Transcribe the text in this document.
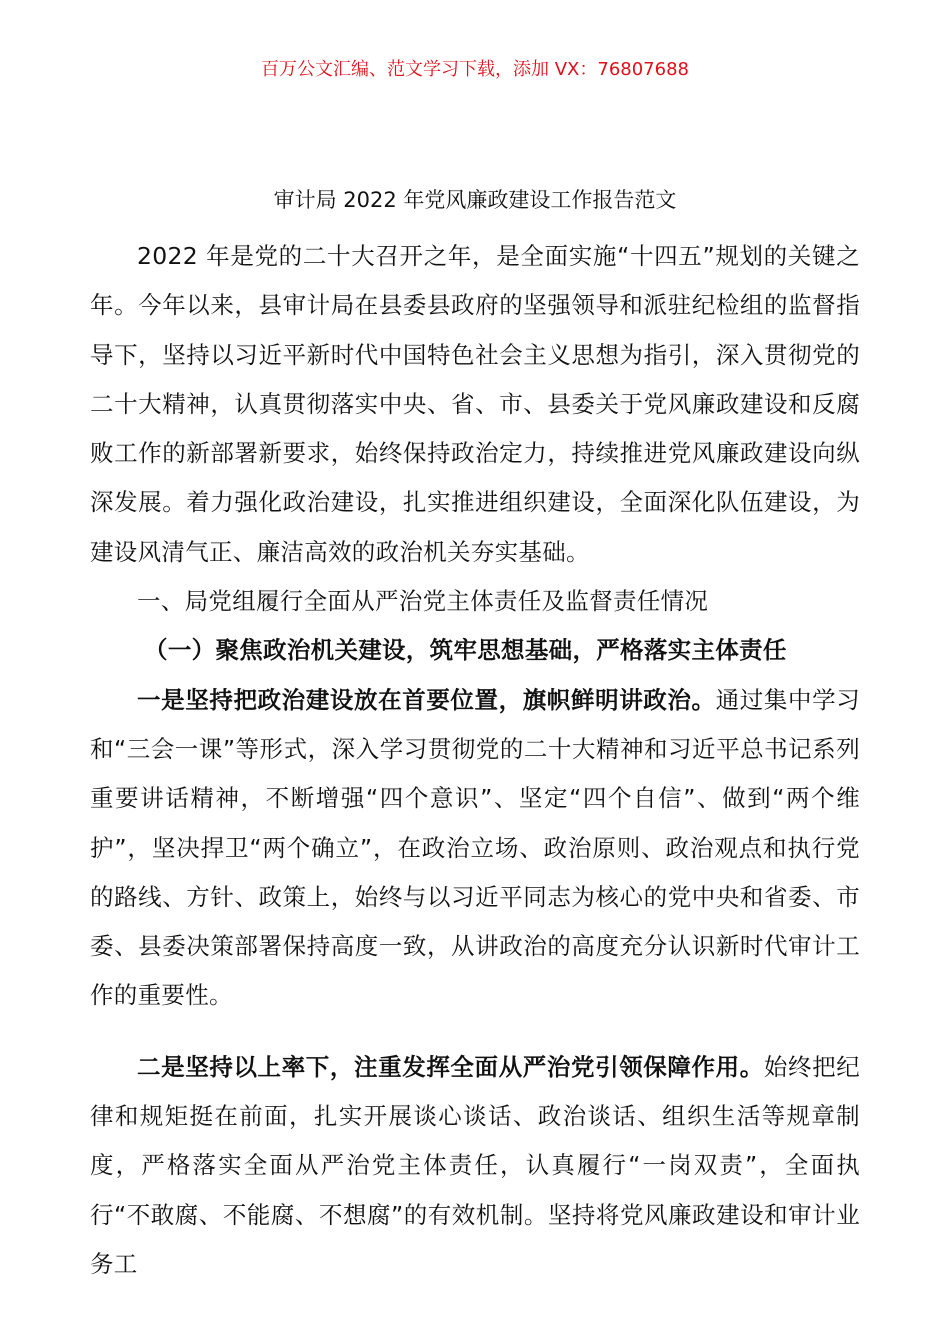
百万公文汇编、范文学习下载，添加 VX：76807688
审计局 2022 年党风廉政建设工作报告范文

2022 年是党的二十大召开之年，是全面实施“十四五”规划的关键之年。今年以来，县审计局在县委县政府的坚强领导和派驻纪检组的监督指导下，坚持以习近平新时代中国特色社会主义思想为指引，深入贯彻党的二十大精神，认真贯彻落实中央、省、市、县委关于党风廉政建设和反腐败工作的新部署新要求，始终保持政治定力，持续推进党风廉政建设向纵深发展。着力强化政治建设，扎实推进组织建设，全面深化队伍建设，为建设风清气正、廉洁高效的政治机关夯实基础。

一、局党组履行全面从严治党主体责任及监督责任情况

（一）聚焦政治机关建设，筑牢思想基础，严格落实主体责任

一是坚持把政治建设放在首要位置，旗帜鲜明讲政治。通过集中学习和“三会一课”等形式，深入学习贯彻党的二十大精神和习近平总书记系列重要讲话精神，不断增强“四个意识”、坚定“四个自信”、做到“两个维护”，坚决捍卫“两个确立”，在政治立场、政治原则、政治观点和执行党的路线、方针、政策上，始终与以习近平同志为核心的党中央和省委、市委、县委决策部署保持高度一致，从讲政治的高度充分认识新时代审计工作的重要性。

二是坚持以上率下，注重发挥全面从严治党引领保障作用。始终把纪律和规矩挺在前面，扎实开展谈心谈话、政治谈话、组织生活等规章制度，严格落实全面从严治党主体责任，认真履行“一岗双责”，全面执行“不敢腐、不能腐、不想腐”的有效机制。坚持将党风廉政建设和审计业务工
